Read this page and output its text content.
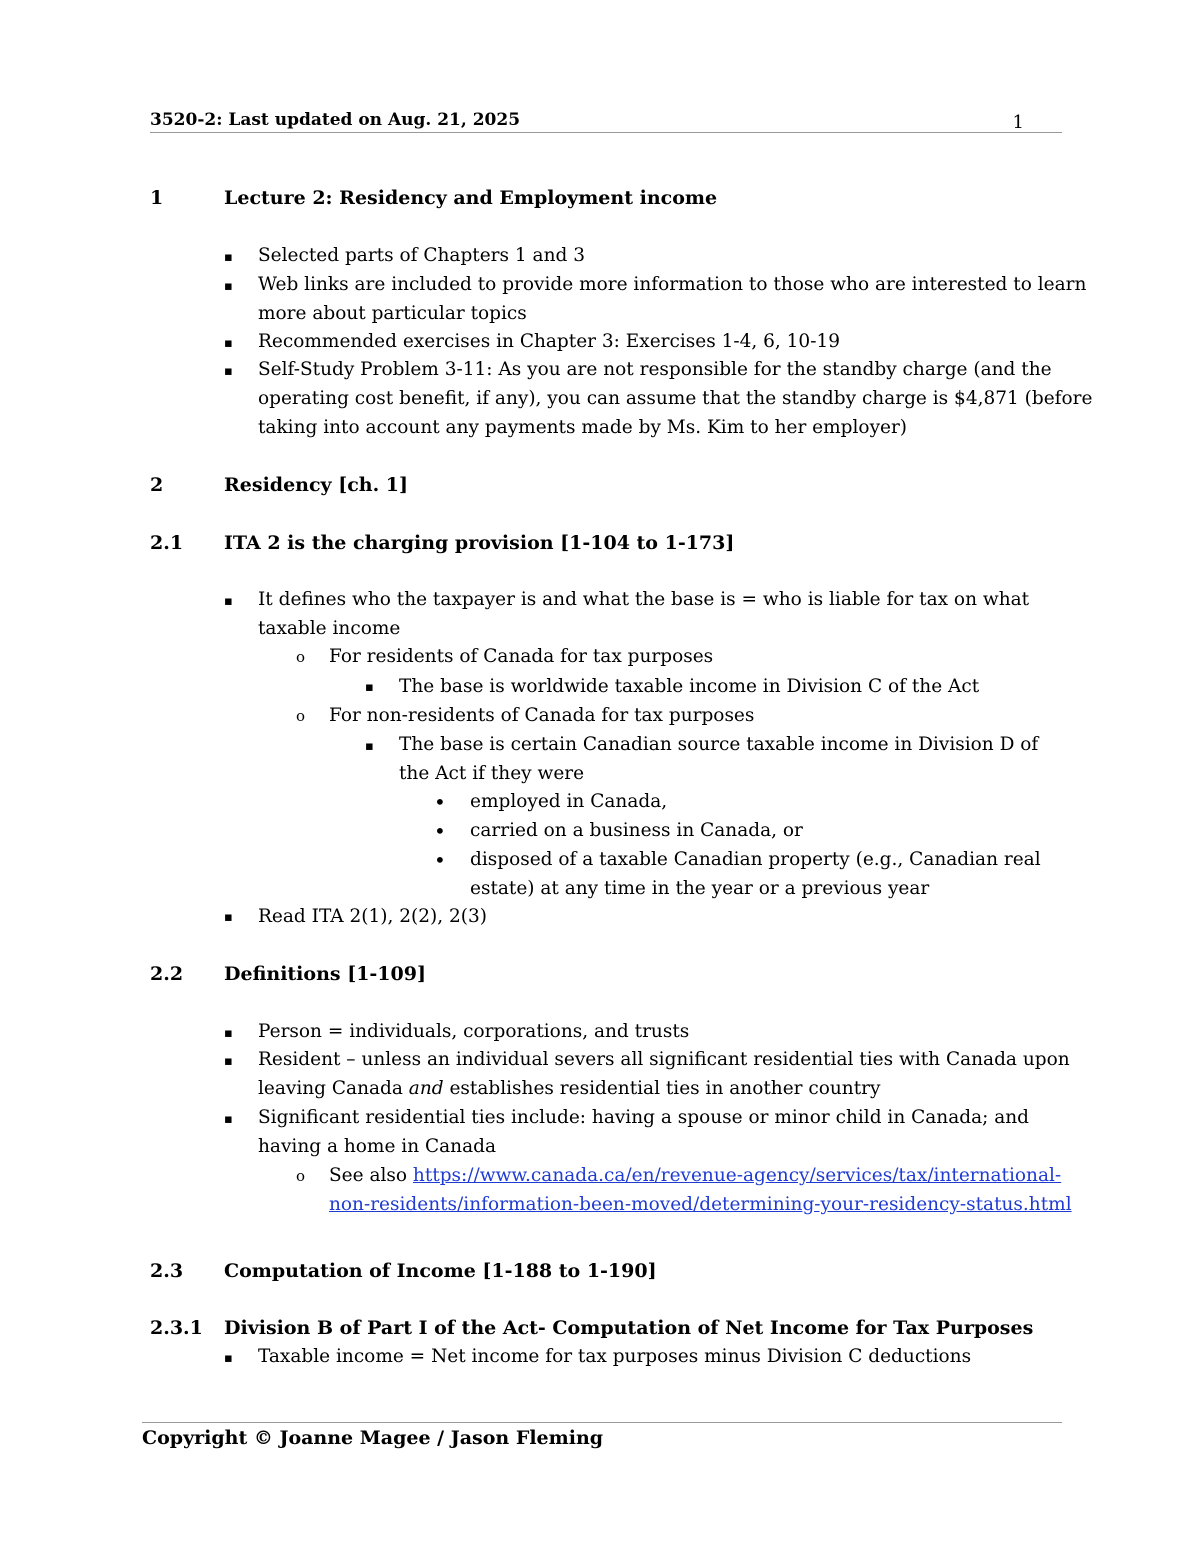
3520-2: Last updated on Aug. 21, 2025	1
1	Lecture 2: Residency and Employment income
▪ Selected parts of Chapters 1 and 3
▪ Web links are included to provide more information to those who are interested to learn
more about particular topics
▪ Recommended exercises in Chapter 3: Exercises 1-4, 6, 10-19
▪ Self-Study Problem 3-11: As you are not responsible for the standby charge (and the
operating cost benefit, if any), you can assume that the standby charge is $4,871 (before
taking into account any payments made by Ms. Kim to her employer)
2	Residency [ch. 1]
2.1 ITA 2 is the charging provision [1-104 to 1-173]
▪ It defines who the taxpayer is and what the base is = who is liable for tax on what
taxable income
o For residents of Canada for tax purposes
▪ The base is worldwide taxable income in Division C of the Act
o For non-residents of Canada for tax purposes
▪ The base is certain Canadian source taxable income in Division D of
the Act if they were
• employed in Canada,
• carried on a business in Canada, or
• disposed of a taxable Canadian property (e.g., Canadian real
estate) at any time in the year or a previous year
▪ Read ITA 2(1), 2(2), 2(3)
2.2 Definitions [1-109]
▪ Person = individuals, corporations, and trusts
▪ Resident – unless an individual severs all significant residential ties with Canada upon
leaving Canada and establishes residential ties in another country
▪ Significant residential ties include: having a spouse or minor child in Canada; and
having a home in Canada
o See also https://www.canada.ca/en/revenue-agency/services/tax/international-
non-residents/information-been-moved/determining-your-residency-status.html
2.3 Computation of Income [1-188 to 1-190]
2.3.1 Division B of Part I of the Act- Computation of Net Income for Tax Purposes
▪ Taxable income = Net income for tax purposes minus Division C deductions
Copyright © Joanne Magee / Jason Fleming
